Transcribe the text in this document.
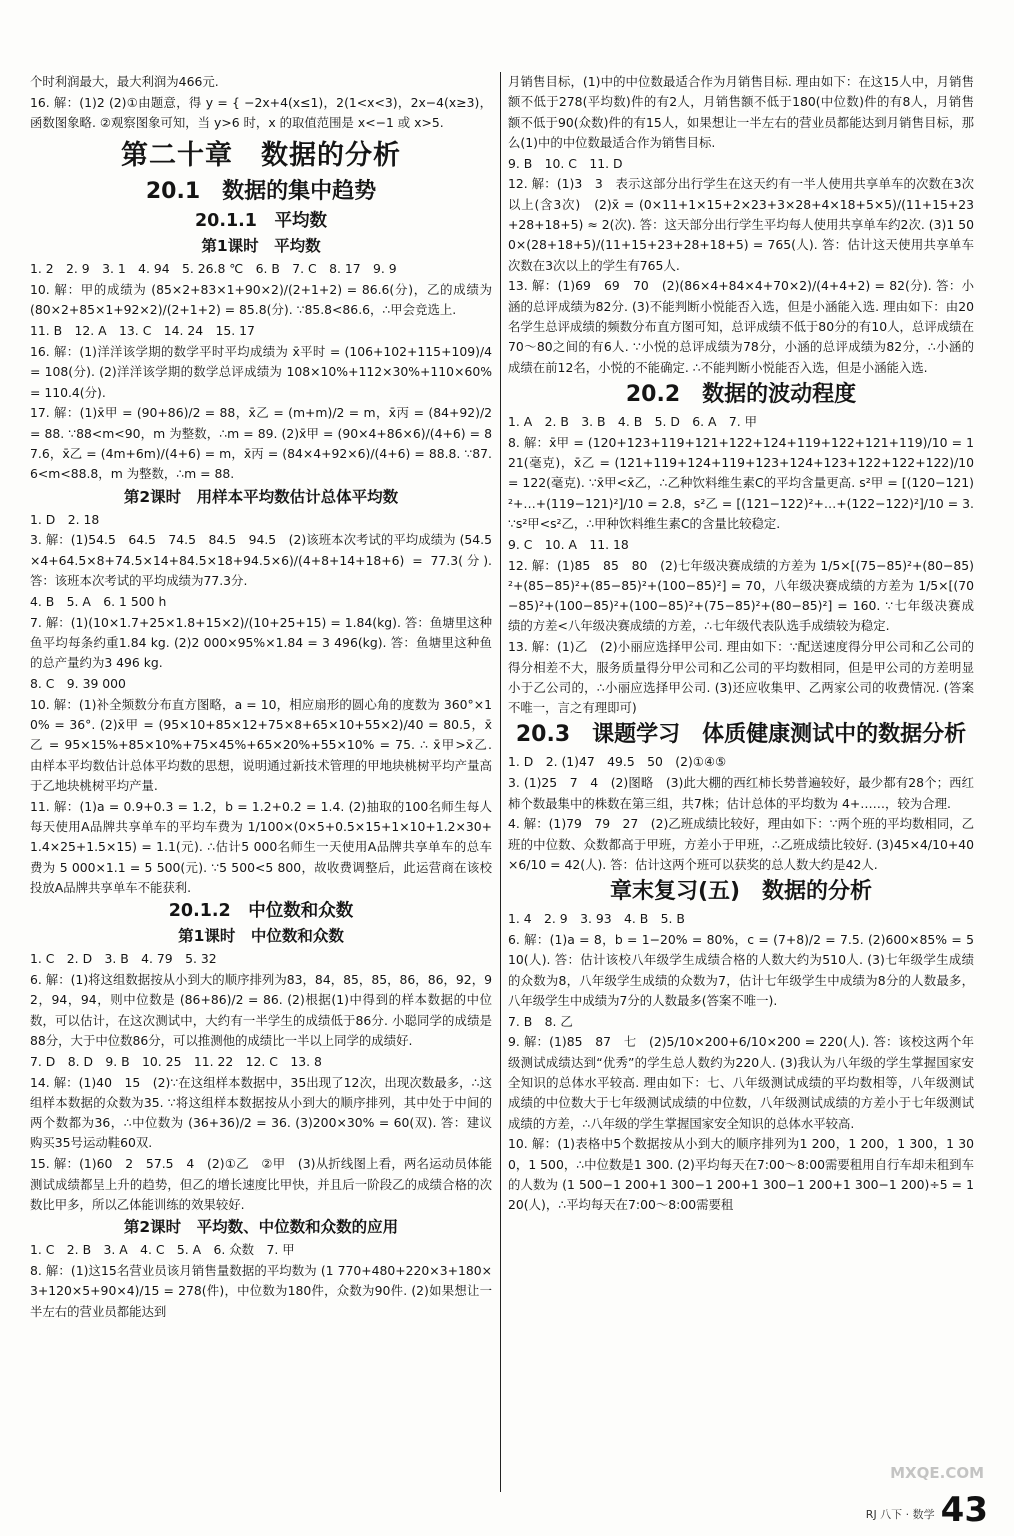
个时利润最大，最大利润为466元.
16. 解：(1)2 (2)①由题意，得 y = { −2x+4(x≤1)，2(1<x<3)，2x−4(x≥3)，函数图象略. ②观察图象可知，当 y>6 时，x 的取值范围是 x<−1 或 x>5.
第二十章　数据的分析
20.1　数据的集中趋势
20.1.1　平均数
第1课时　平均数
1. 2　2. 9　3. 1　4. 94　5. 26.8 ℃　6. B　7. C　8. 17　9. 9
10. 解：甲的成绩为 (85×2+83×1+90×2)/(2+1+2) = 86.6(分)，乙的成绩为 (80×2+85×1+92×2)/(2+1+2) = 85.8(分). ∵85.8<86.6，∴甲会竞选上.
11. B　12. A　13. C　14. 24　15. 17
16. 解：(1)洋洋该学期的数学平时平均成绩为 x̄平时 = (106+102+115+109)/4 = 108(分). (2)洋洋该学期的数学总评成绩为 108×10%+112×30%+110×60% = 110.4(分).
17. 解：(1)x̄甲 = (90+86)/2 = 88，x̄乙 = (m+m)/2 = m，x̄丙 = (84+92)/2 = 88. ∵88<m<90，m 为整数，∴m = 89. (2)x̄甲 = (90×4+86×6)/(4+6) = 87.6，x̄乙 = (4m+6m)/(4+6) = m，x̄丙 = (84×4+92×6)/(4+6) = 88.8. ∵87.6<m<88.8，m 为整数，∴m = 88.
第2课时　用样本平均数估计总体平均数
1. D　2. 18
3. 解：(1)54.5　64.5　74.5　84.5　94.5　(2)该班本次考试的平均成绩为 (54.5×4+64.5×8+74.5×14+84.5×18+94.5×6)/(4+8+14+18+6) = 77.3(分). 答：该班本次考试的平均成绩为77.3分.
4. B　5. A　6. 1 500 h
7. 解：(1)(10×1.7+25×1.8+15×2)/(10+25+15) = 1.84(kg). 答：鱼塘里这种鱼平均每条约重1.84 kg. (2)2 000×95%×1.84 = 3 496(kg). 答：鱼塘里这种鱼的总产量约为3 496 kg.
8. C　9. 39 000
10. 解：(1)补全频数分布直方图略，a = 10，相应扇形的圆心角的度数为 360°×10% = 36°. (2)x̄甲 = (95×10+85×12+75×8+65×10+55×2)/40 = 80.5，x̄乙 = 95×15%+85×10%+75×45%+65×20%+55×10% = 75. ∴ x̄甲>x̄乙. 由样本平均数估计总体平均数的思想，说明通过新技术管理的甲地块桃树平均产量高于乙地块桃树平均产量.
11. 解：(1)a = 0.9+0.3 = 1.2，b = 1.2+0.2 = 1.4. (2)抽取的100名师生每人每天使用A品牌共享单车的平均车费为 1/100×(0×5+0.5×15+1×10+1.2×30+1.4×25+1.5×15) = 1.1(元). ∴估计5 000名师生一天使用A品牌共享单车的总车费为 5 000×1.1 = 5 500(元). ∵5 500<5 800，故收费调整后，此运营商在该校投放A品牌共享单车不能获利.
20.1.2　中位数和众数
第1课时　中位数和众数
1. C　2. D　3. B　4. 79　5. 32
6. 解：(1)将这组数据按从小到大的顺序排列为83，84，85，85，86，86，92，92，94，94，则中位数是 (86+86)/2 = 86. (2)根据(1)中得到的样本数据的中位数，可以估计，在这次测试中，大约有一半学生的成绩低于86分. 小聪同学的成绩是88分，大于中位数86分，可以推测他的成绩比一半以上同学的成绩好.
7. D　8. D　9. B　10. 25　11. 22　12. C　13. 8
14. 解：(1)40　15　(2)∵在这组样本数据中，35出现了12次，出现次数最多，∴这组样本数据的众数为35. ∵将这组样本数据按从小到大的顺序排列，其中处于中间的两个数都为36，∴中位数为 (36+36)/2 = 36. (3)200×30% = 60(双). 答：建议购买35号运动鞋60双.
15. 解：(1)60　2　57.5　4　(2)①乙　②甲　(3)从折线图上看，两名运动员体能测试成绩都呈上升的趋势，但乙的增长速度比甲快，并且后一阶段乙的成绩合格的次数比甲多，所以乙体能训练的效果较好.
第2课时　平均数、中位数和众数的应用
1. C　2. B　3. A　4. C　5. A　6. 众数　7. 甲
8. 解：(1)这15名营业员该月销售量数据的平均数为 (1 770+480+220×3+180×3+120×5+90×4)/15 = 278(件)，中位数为180件，众数为90件. (2)如果想让一半左右的营业员都能达到
月销售目标，(1)中的中位数最适合作为月销售目标. 理由如下：在这15人中，月销售额不低于278(平均数)件的有2人，月销售额不低于180(中位数)件的有8人，月销售额不低于90(众数)件的有15人，如果想让一半左右的营业员都能达到月销售目标，那么(1)中的中位数最适合作为销售目标.
9. B　10. C　11. D
12. 解：(1)3　3　表示这部分出行学生在这天约有一半人使用共享单车的次数在3次以上(含3次)　(2)x̄ = (0×11+1×15+2×23+3×28+4×18+5×5)/(11+15+23+28+18+5) ≈ 2(次). 答：这天部分出行学生平均每人使用共享单车约2次. (3)1 500×(28+18+5)/(11+15+23+28+18+5) = 765(人). 答：估计这天使用共享单车次数在3次以上的学生有765人.
13. 解：(1)69　69　70　(2)(86×4+84×4+70×2)/(4+4+2) = 82(分). 答：小涵的总评成绩为82分. (3)不能判断小悦能否入选，但是小涵能入选. 理由如下：由20名学生总评成绩的频数分布直方图可知，总评成绩不低于80分的有10人，总评成绩在70～80之间的有6人. ∵小悦的总评成绩为78分，小涵的总评成绩为82分，∴小涵的成绩在前12名，小悦的不能确定. ∴不能判断小悦能否入选，但是小涵能入选.
20.2　数据的波动程度
1. A　2. B　3. B　4. B　5. D　6. A　7. 甲
8. 解：x̄甲 = (120+123+119+121+122+124+119+122+121+119)/10 = 121(毫克)，x̄乙 = (121+119+124+119+123+124+123+122+122+122)/10 = 122(毫克). ∵x̄甲<x̄乙，∴乙种饮料维生素C的平均含量更高. s²甲 = [(120−121)²+…+(119−121)²]/10 = 2.8，s²乙 = [(121−122)²+…+(122−122)²]/10 = 3. ∵s²甲<s²乙，∴甲种饮料维生素C的含量比较稳定.
9. C　10. A　11. 18
12. 解：(1)85　85　80　(2)七年级决赛成绩的方差为 1/5×[(75−85)²+(80−85)²+(85−85)²+(85−85)²+(100−85)²] = 70，八年级决赛成绩的方差为 1/5×[(70−85)²+(100−85)²+(100−85)²+(75−85)²+(80−85)²] = 160. ∵七年级决赛成绩的方差<八年级决赛成绩的方差，∴七年级代表队选手成绩较为稳定.
13. 解：(1)乙　(2)小丽应选择甲公司. 理由如下：∵配送速度得分甲公司和乙公司的得分相差不大，服务质量得分甲公司和乙公司的平均数相同，但是甲公司的方差明显小于乙公司的，∴小丽应选择甲公司. (3)还应收集甲、乙两家公司的收费情况. (答案不唯一，言之有理即可)
20.3　课题学习　体质健康测试中的数据分析
1. D　2. (1)47　49.5　50　(2)①④⑤
3. (1)25　7　4　(2)图略　(3)此大棚的西红柿长势普遍较好，最少都有28个；西红柿个数最集中的株数在第三组，共7株；估计总体的平均数为 4+……，较为合理.
4. 解：(1)79　79　27　(2)乙班成绩比较好，理由如下：∵两个班的平均数相同，乙班的中位数、众数都高于甲班，方差小于甲班，∴乙班成绩比较好. (3)45×4/10+40×6/10 = 42(人). 答：估计这两个班可以获奖的总人数大约是42人.
章末复习(五)　数据的分析
1. 4　2. 9　3. 93　4. B　5. B
6. 解：(1)a = 8，b = 1−20% = 80%，c = (7+8)/2 = 7.5. (2)600×85% = 510(人). 答：估计该校八年级学生成绩合格的人数大约为510人. (3)七年级学生成绩的众数为8，八年级学生成绩的众数为7，估计七年级学生中成绩为8分的人数最多，八年级学生中成绩为7分的人数最多(答案不唯一).
7. B　8. 乙
9. 解：(1)85　87　七　(2)5/10×200+6/10×200 = 220(人). 答：该校这两个年级测试成绩达到“优秀”的学生总人数约为220人. (3)我认为八年级的学生掌握国家安全知识的总体水平较高. 理由如下：七、八年级测试成绩的平均数相等，八年级测试成绩的中位数大于七年级测试成绩的中位数，八年级测试成绩的方差小于七年级测试成绩的方差，∴八年级的学生掌握国家安全知识的总体水平较高.
10. 解：(1)表格中5个数据按从小到大的顺序排列为1 200，1 200，1 300，1 300，1 500，∴中位数是1 300. (2)平均每天在7:00～8:00需要租用自行车却未租到车的人数为 (1 500−1 200+1 300−1 200+1 300−1 200+1 300−1 200)÷5 = 120(人)，∴平均每天在7:00～8:00需要租
MXQE.COM
RJ 八下 · 数学 43
